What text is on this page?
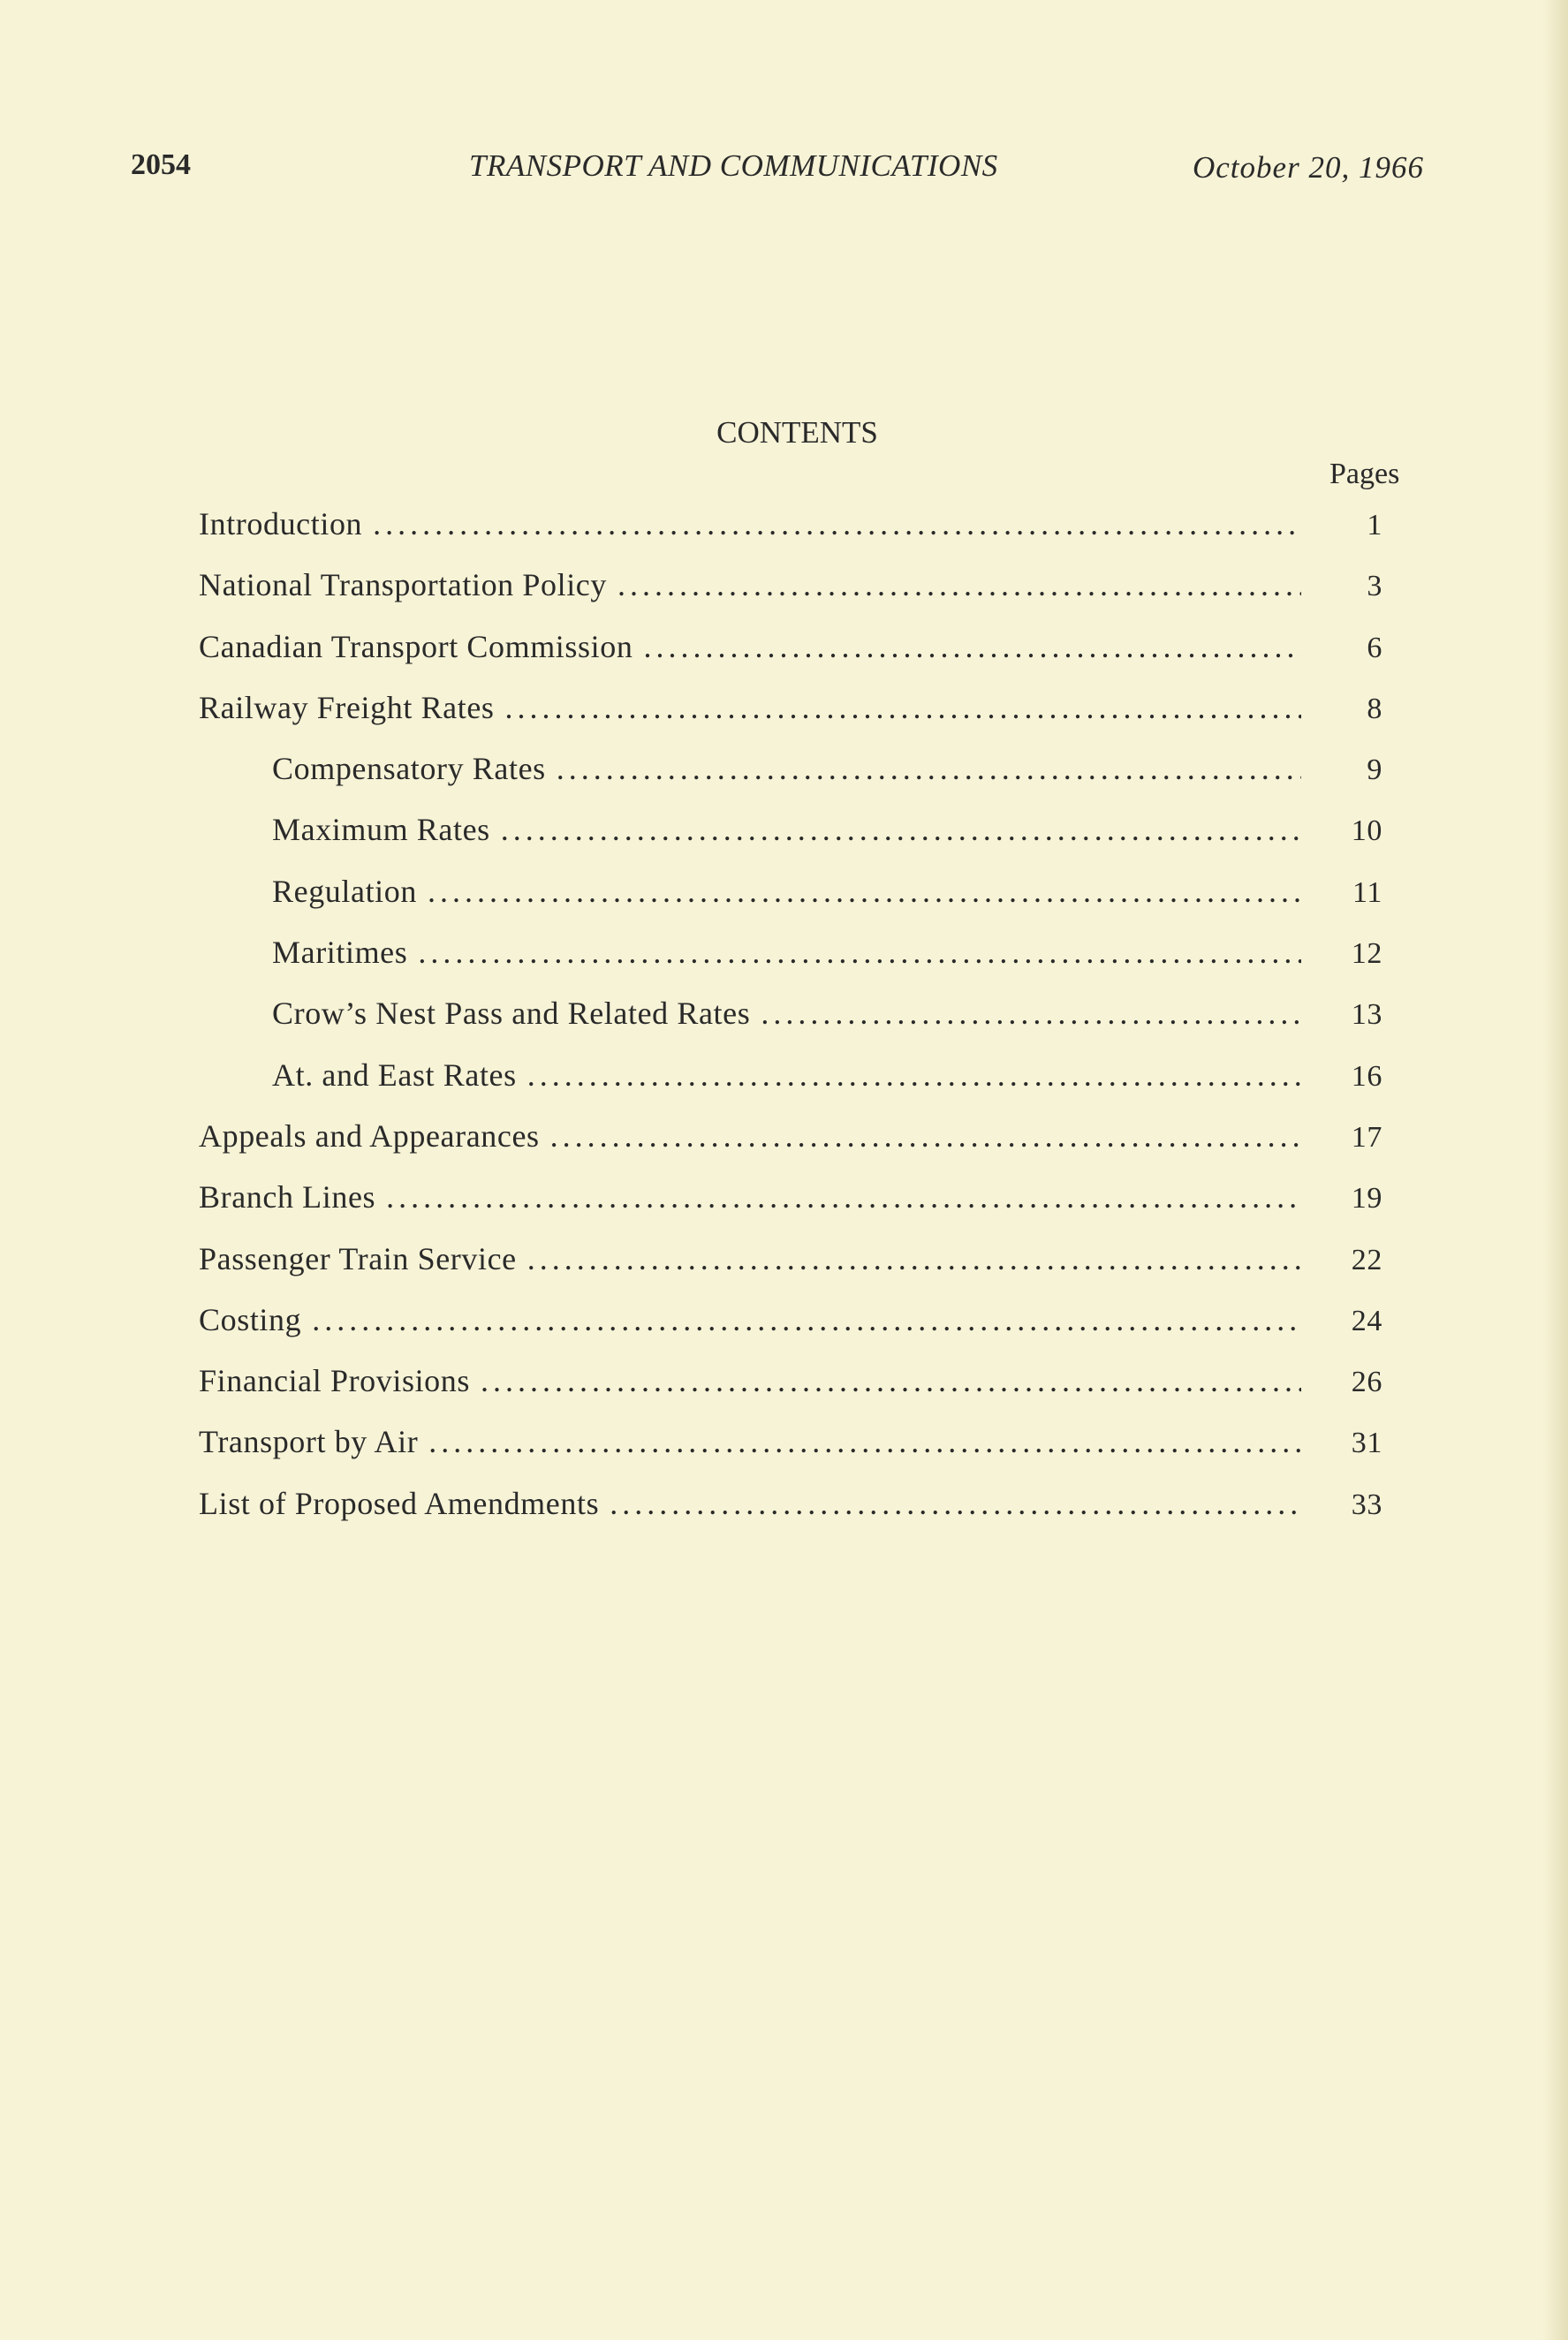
2054	TRANSPORT AND COMMUNICATIONS	October 20, 1966
CONTENTS
Pages
Introduction . . .	1
National Transportation Policy . . .	3
Canadian Transport Commission . . .	6
Railway Freight Rates . . .	8
Compensatory Rates . . .	9
Maximum Rates . . .	10
Regulation . . .	11
Maritimes . . .	12
Crow’s Nest Pass and Related Rates . . .	13
At. and East Rates . . .	16
Appeals and Appearances . . .	17
Branch Lines . . .	19
Passenger Train Service . . .	22
Costing . . .	24
Financial Provisions . . .	26
Transport by Air . . .	31
List of Proposed Amendments . . .	33
